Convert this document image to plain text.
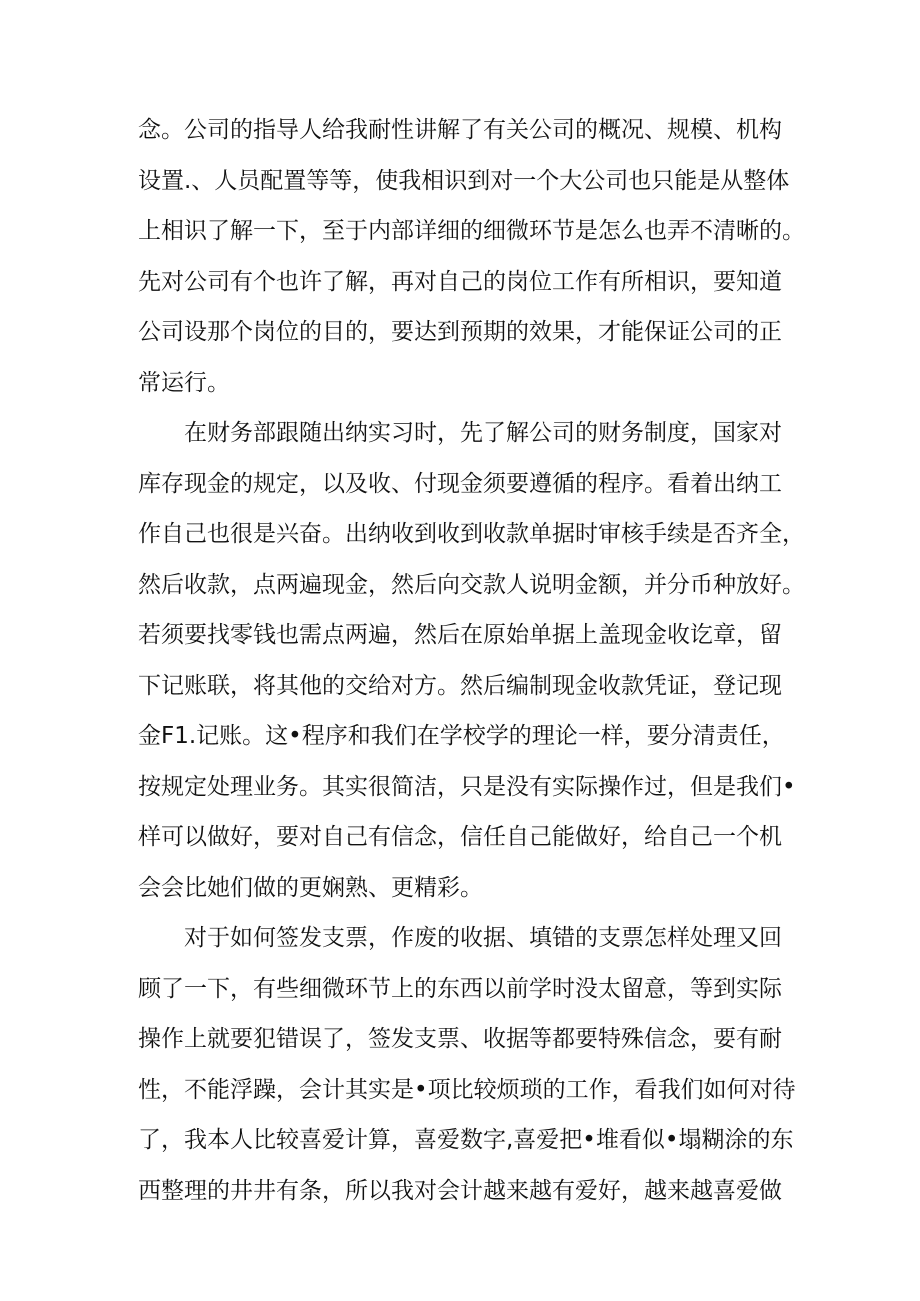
念。公司的指导人给我耐性讲解了有关公司的概况、规模、机构
设置.、人员配置等等，使我相识到对一个大公司也只能是从整体
上相识了解一下，至于内部详细的细微环节是怎么也弄不清晰的。
先对公司有个也许了解，再对自己的岗位工作有所相识，要知道
公司设那个岗位的目的，要达到预期的效果，才能保证公司的正
常运行。
　　在财务部跟随出纳实习时，先了解公司的财务制度，国家对
库存现金的规定，以及收、付现金须要遵循的程序。看着出纳工
作自己也很是兴奋。出纳收到收到收款单据时审核手续是否齐全，
然后收款，点两遍现金，然后向交款人说明金额，并分币种放好。
若须要找零钱也需点两遍，然后在原始单据上盖现金收讫章，留
下记账联，将其他的交给对方。然后编制现金收款凭证，登记现
金F1.记账。这•程序和我们在学校学的理论一样，要分清责任，
按规定处理业务。其实很简洁，只是没有实际操作过，但是我们•
样可以做好，要对自己有信念，信任自己能做好，给自己一个机
会会比她们做的更娴熟、更精彩。
　　对于如何签发支票，作废的收据、填错的支票怎样处理又回
顾了一下，有些细微环节上的东西以前学时没太留意，等到实际
操作上就要犯错误了，签发支票、收据等都要特殊信念，要有耐
性，不能浮躁，会计其实是•项比较烦琐的工作，看我们如何对待
了，我本人比较喜爱计算，喜爱数字,喜爱把•堆看似•塌糊涂的东
西整理的井井有条，所以我对会计越来越有爱好，越来越喜爱做
